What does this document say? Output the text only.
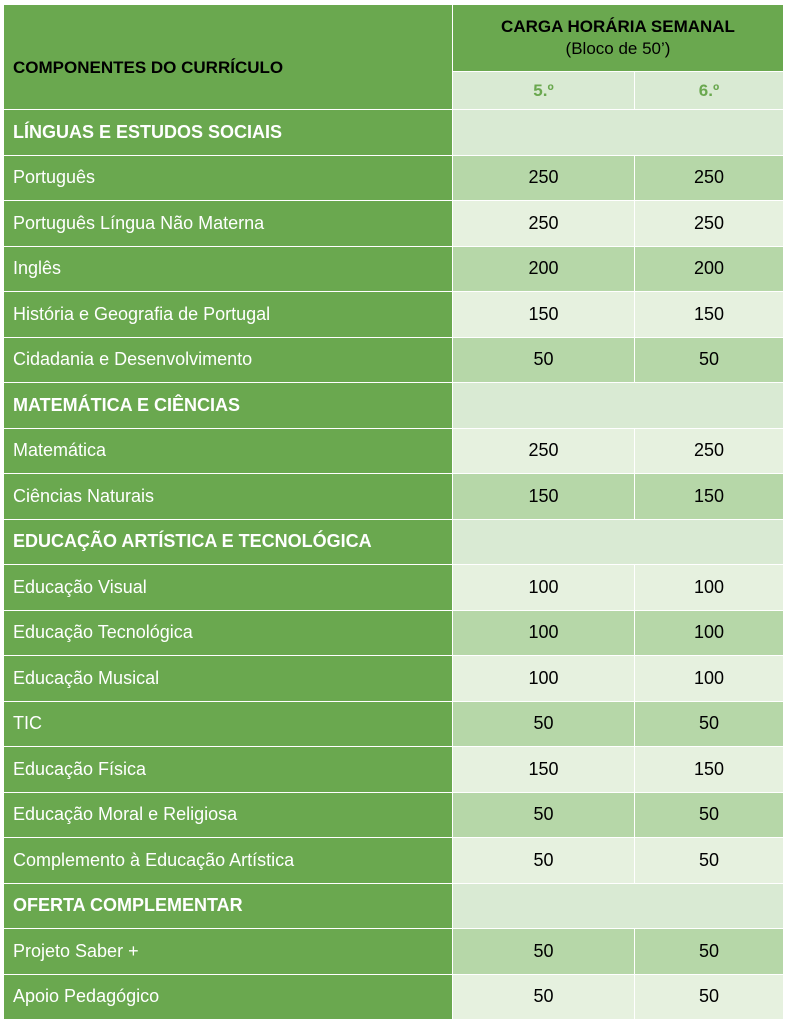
COMPONENTES DO CURRÍCULO	CARGA HORÁRIA SEMANAL
(Bloco de 50’)	

	5.º	6.º
LÍNGUAS E ESTUDOS SOCIAIS		
Português	250	250
Português Língua Não Materna	250	250
Inglês	200	200
História e Geografia de Portugal	150	150
Cidadania e Desenvolvimento	50	50
MATEMÁTICA E CIÊNCIAS		
Matemática	250	250
Ciências Naturais	150	150
EDUCAÇÃO ARTÍSTICA E TECNOLÓGICA		
Educação Visual	100	100
Educação Tecnológica	100	100
Educação Musical	100	100
TIC	50	50
Educação Física	150	150
Educação Moral e Religiosa	50	50
Complemento à Educação Artística	50	50
OFERTA COMPLEMENTAR		
Projeto Saber +	50	50
Apoio Pedagógico	50	50
